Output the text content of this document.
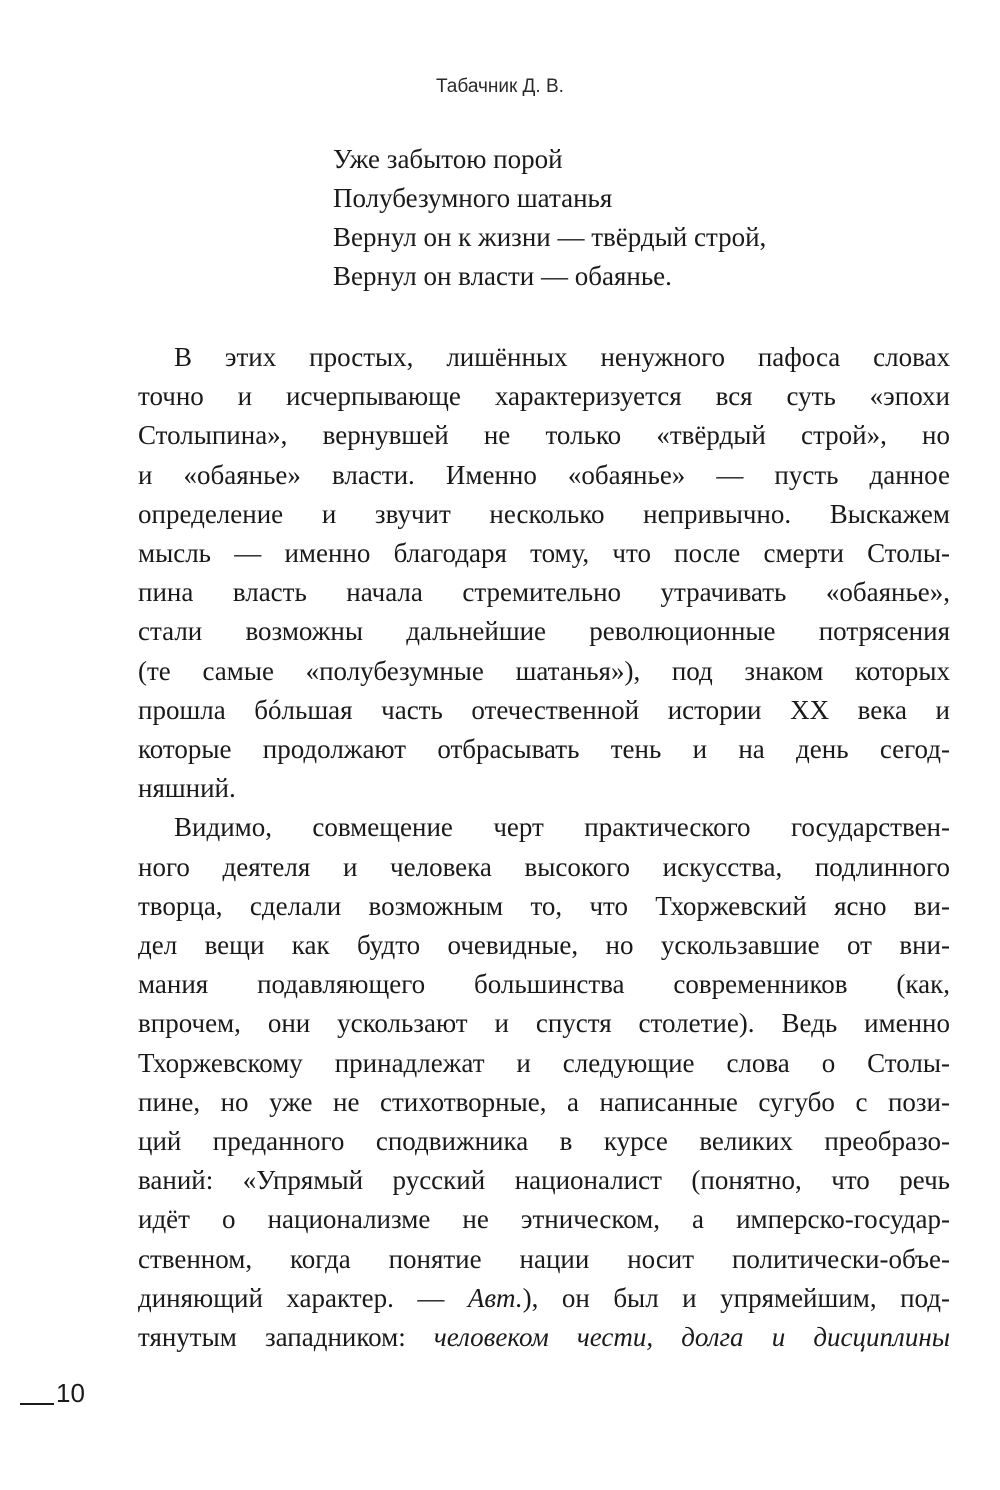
Табачник Д. В.
Уже забытою порой
Полубезумного шатанья
Вернул он к жизни — твёрдый строй,
Вернул он власти — обаянье.
В этих простых, лишённых ненужного пафоса словах
точно и исчерпывающе характеризуется вся суть «эпохи
Столыпина», вернувшей не только «твёрдый строй», но
и «обаянье» власти. Именно «обаянье» — пусть данное
определение и звучит несколько непривычно. Выскажем
мысль — именно благодаря тому, что после смерти Столы-
пина власть начала стремительно утрачивать «обаянье»,
стали возможны дальнейшие революционные потрясения
(те самые «полубезумные шатанья»), под знаком которых
прошла бóльшая часть отечественной истории XX века и
которые продолжают отбрасывать тень и на день сегод-
няшний.
Видимо, совмещение черт практического государствен-
ного деятеля и человека высокого искусства, подлинного
творца, сделали возможным то, что Тхоржевский ясно ви-
дел вещи как будто очевидные, но ускользавшие от вни-
мания подавляющего большинства современников (как,
впрочем, они ускользают и спустя столетие). Ведь именно
Тхоржевскому принадлежат и следующие слова о Столы-
пине, но уже не стихотворные, а написанные сугубо с пози-
ций преданного сподвижника в курсе великих преобразо-
ваний: «Упрямый русский националист (понятно, что речь
идёт о национализме не этническом, а имперско-государ-
ственном, когда понятие нации носит политически-объе-
диняющий характер. — Авт.), он был и упрямейшим, под-
тянутым западником: человеком чести, долга и дисциплины
10
